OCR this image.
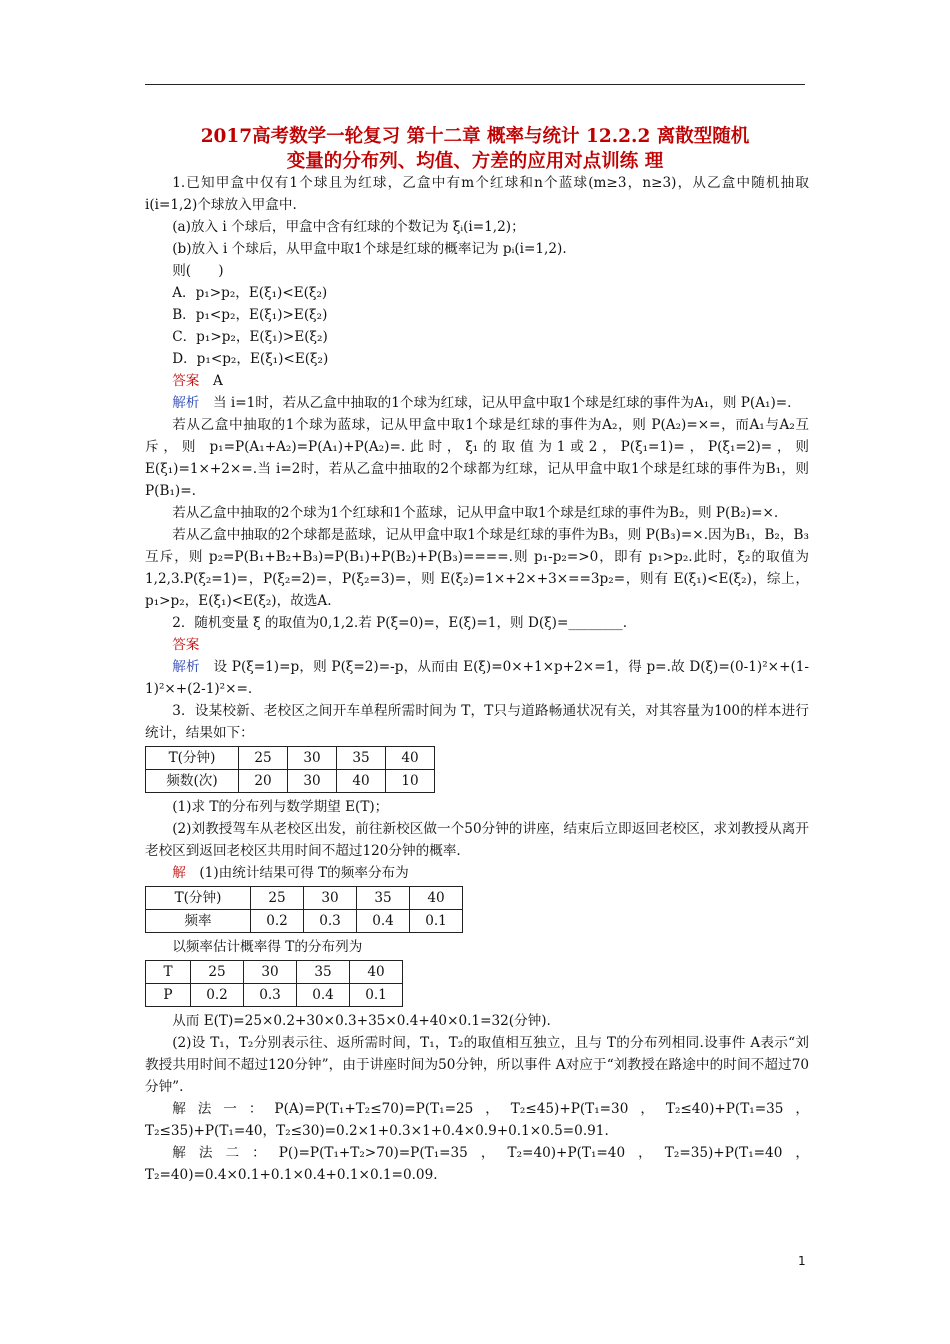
2017高考数学一轮复习 第十二章 概率与统计 12.2.2 离散型随机
变量的分布列、均值、方差的应用对点训练 理

1.已知甲盒中仅有1个球且为红球，乙盒中有m个红球和n个蓝球(m≥3，n≥3)，从乙盒中随机抽取 i(i=1,2)个球放入甲盒中.

(a)放入 i 个球后，甲盒中含有红球的个数记为 ξᵢ(i=1,2)；

(b)放入 i 个球后，从甲盒中取1个球是红球的概率记为 pᵢ(i=1,2).

则(　　)

A．p₁>p₂，E(ξ₁)<E(ξ₂)

B．p₁<p₂，E(ξ₁)>E(ξ₂)

C．p₁>p₂，E(ξ₁)>E(ξ₂)

D．p₁<p₂，E(ξ₁)<E(ξ₂)

答案　 A

解析　 当 i=1时，若从乙盒中抽取的1个球为红球，记从甲盒中取1个球是红球的事件为A₁，则 P(A₁)=.

若从乙盒中抽取的1个球为蓝球，记从甲盒中取1个球是红球的事件为A₂，则 P(A₂)=×=，而A₁与A₂互斥，则 p₁=P(A₁+A₂)=P(A₁)+P(A₂)=.此时，ξ₁的取值为1或2，P(ξ₁=1)=，P(ξ₁=2)=，则 E(ξ₁)=1×+2×=.当 i=2时，若从乙盒中抽取的2个球都为红球，记从甲盒中取1个球是红球的事件为B₁，则 P(B₁)=.

若从乙盒中抽取的2个球为1个红球和1个蓝球，记从甲盒中取1个球是红球的事件为B₂，则 P(B₂)=×.

若从乙盒中抽取的2个球都是蓝球，记从甲盒中取1个球是红球的事件为B₃，则 P(B₃)=×.因为B₁，B₂，B₃互斥，则 p₂=P(B₁+B₂+B₃)=P(B₁)+P(B₂)+P(B₃)====.则 p₁-p₂=>0，即有 p₁>p₂.此时，ξ₂的取值为1,2,3.P(ξ₂=1)=，P(ξ₂=2)=，P(ξ₂=3)=，则 E(ξ₂)=1×+2×+3×==3p₂=，则有 E(ξ₁)<E(ξ₂)，综上，p₁>p₂，E(ξ₁)<E(ξ₂)，故选A.

2．随机变量 ξ 的取值为0,1,2.若 P(ξ=0)=，E(ξ)=1，则 D(ξ)=________.

答案

解析　 设 P(ξ=1)=p，则 P(ξ=2)=-p，从而由 E(ξ)=0×+1×p+2×=1，得 p=.故 D(ξ)=(0-1)²×+(1-1)²×+(2-1)²×=.

3．设某校新、老校区之间开车单程所需时间为 T，T只与道路畅通状况有关，对其容量为100的样本进行统计，结果如下：

T(分钟)	25	30	35	40
频数(次)	20	30	40	10

(1)求 T的分布列与数学期望 E(T)；

(2)刘教授驾车从老校区出发，前往新校区做一个50分钟的讲座，结束后立即返回老校区，求刘教授从离开老校区到返回老校区共用时间不超过120分钟的概率.

解　 (1)由统计结果可得 T的频率分布为

T(分钟)	25	30	35	40
频率	0.2	0.3	0.4	0.1

以频率估计概率得 T的分布列为

T	25	30	35	40
P	0.2	0.3	0.4	0.1

从而 E(T)=25×0.2+30×0.3+35×0.4+40×0.1=32(分钟).

(2)设 T₁，T₂分别表示往、返所需时间，T₁，T₂的取值相互独立，且与 T的分布列相同.设事件 A表示“刘教授共用时间不超过120分钟”，由于讲座时间为50分钟，所以事件 A对应于“刘教授在路途中的时间不超过70分钟”.

解法一：P(A)=P(T₁+T₂≤70)=P(T₁=25，T₂≤45)+P(T₁=30，T₂≤40)+P(T₁=35，T₂≤35)+P(T₁=40，T₂≤30)=0.2×1+0.3×1+0.4×0.9+0.1×0.5=0.91.

解法二：P()=P(T₁+T₂>70)=P(T₁=35，T₂=40)+P(T₁=40，T₂=35)+P(T₁=40，T₂=40)=0.4×0.1+0.1×0.4+0.1×0.1=0.09.

1
